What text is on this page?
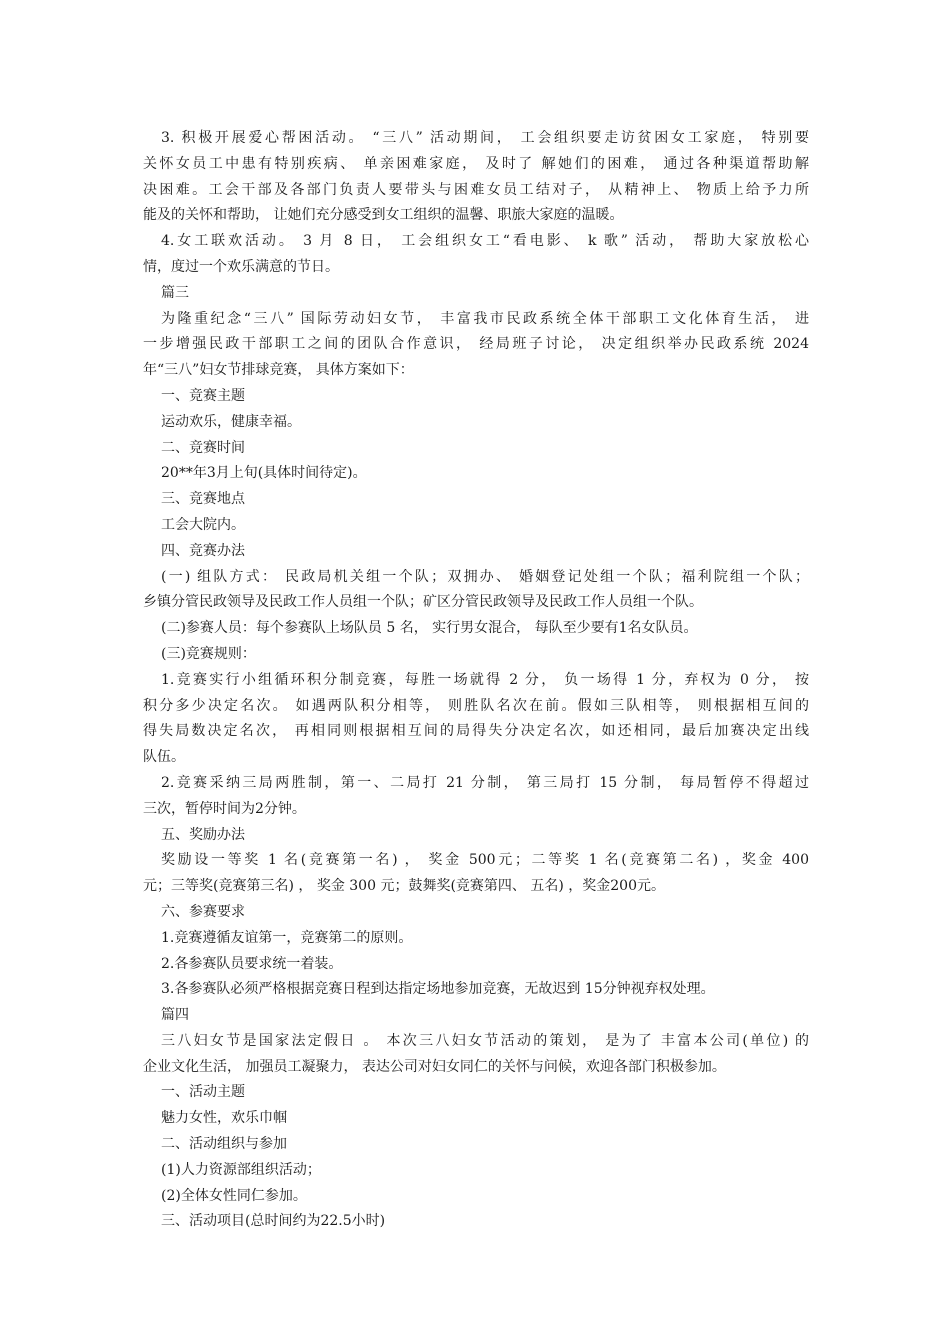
3. 积极开展爱心帮困活动。 “三八” 活动期间， 工会组织要走访贫困女工家庭， 特别要
关怀女员工中患有特别疾病、 单亲困难家庭， 及时了 解她们的困难， 通过各种渠道帮助解
决困难。工会干部及各部门负责人要带头与困难女员工结对子， 从精神上、 物质上给予力所
能及的关怀和帮助， 让她们充分感受到女工组织的温馨、职旅大家庭的温暖。
4.女工联欢活动。 3 月 8 日， 工会组织女工“看电影、 k 歌” 活动， 帮助大家放松心
情，度过一个欢乐满意的节日。
篇三
为隆重纪念“三八” 国际劳动妇女节， 丰富我市民政系统全体干部职工文化体育生活， 进
一步增强民政干部职工之间的团队合作意识， 经局班子讨论， 决定组织举办民政系统 2024
年“三八”妇女节排球竞赛， 具体方案如下：
一、竞赛主题
运动欢乐，健康幸福。
二、竞赛时间
20**年3月上旬(具体时间待定)。
三、竞赛地点
工会大院内。
四、竞赛办法
(一) 组队方式： 民政局机关组一个队；双拥办、 婚姻登记处组一个队；福利院组一个队；
乡镇分管民政领导及民政工作人员组一个队；矿区分管民政领导及民政工作人员组一个队。
(二)参赛人员：每个参赛队上场队员 5 名， 实行男女混合， 每队至少要有1名女队员。
(三)竞赛规则：
1.竞赛实行小组循环积分制竞赛，每胜一场就得 2 分， 负一场得 1 分，弃权为 0 分， 按
积分多少决定名次。 如遇两队积分相等， 则胜队名次在前。假如三队相等， 则根据相互间的
得失局数决定名次， 再相同则根据相互间的局得失分决定名次，如还相同，最后加赛决定出线
队伍。
2.竞赛采纳三局两胜制，第一、二局打 21 分制， 第三局打 15 分制， 每局暂停不得超过
三次，暂停时间为2分钟。
五、奖励办法
奖励设一等奖 1 名(竞赛第一名) ， 奖金 500元；二等奖 1 名(竞赛第二名) ，奖金 400
元；三等奖(竞赛第三名) ， 奖金 300 元；鼓舞奖(竞赛第四、 五名) ，奖金200元。
六、参赛要求
1.竞赛遵循友谊第一，竞赛第二的原则。
2.各参赛队员要求统一着装。
3.各参赛队必须严格根据竞赛日程到达指定场地参加竞赛，无故迟到 15分钟视弃权处理。
篇四
三八妇女节是国家法定假日 。 本次三八妇女节活动的策划， 是为了 丰富本公司(单位) 的
企业文化生活， 加强员工凝聚力， 表达公司对妇女同仁的关怀与问候，欢迎各部门积极参加。
一、活动主题
魅力女性，欢乐巾帼
二、活动组织与参加
(1)人力资源部组织活动；
(2)全体女性同仁参加。
三、活动项目(总时间约为22.5小时)
